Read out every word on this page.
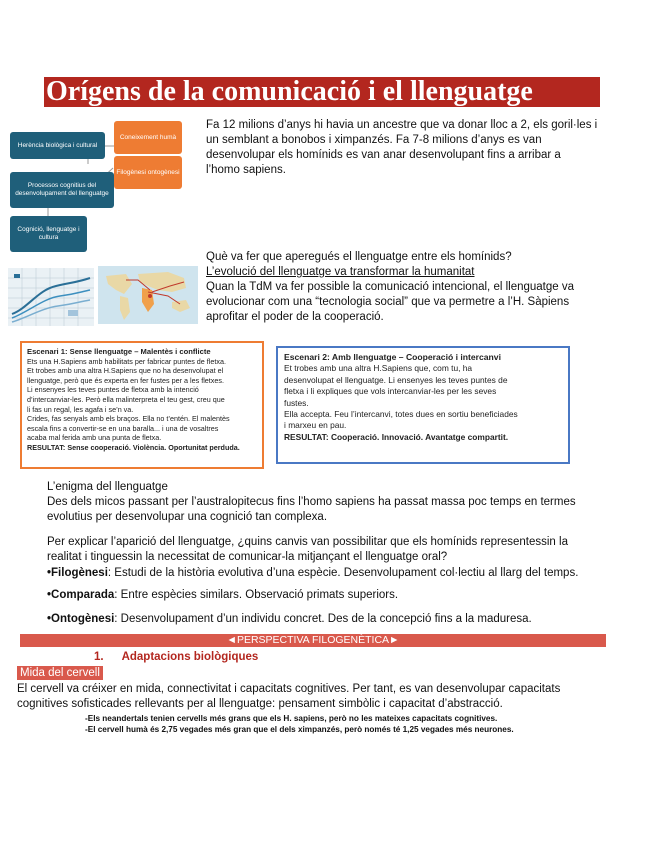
Orígens de la comunicació i el llenguatge
Herència biològica i cultural
Coneixement humà
Processos cognitius del desenvolupament del llenguatge
Filogènesi ontogènesi
Cognició, llenguatge i cultura
Fa 12 milions d’anys hi havia un ancestre que va donar lloc a 2, els goril·les i
un semblant a bonobos i ximpanzés. Fa 7-8 milions d’anys es van
desenvolupar els homínids es van anar desenvolupant fins a arribar a
l’homo sapiens.
Què va fer que aperegués el llenguatge entre els homínids?
L’evolució del llenguatge va transformar la humanitat
Quan la TdM va fer possible la comunicació intencional, el llenguatge va
evolucionar com una “tecnologia social” que va permetre a l’H. Sàpiens
aprofitar el poder de la cooperació.
Escenari 1: Sense llenguatge – Malentès i conflicte
Ets una H.Sapiens amb habilitats per fabricar puntes de fletxa.
Et trobes amb una altra H.Sapiens que no ha desenvolupat el
llenguatge, però que és experta en fer fustes per a les fletxes.
Li ensenyes les teves puntes de fletxa amb la intenció
d’intercanviar-les. Però ella malinterpreta el teu gest, creu que
li fas un regal, les agafa i se’n va.
Crides, fas senyals amb els braços. Ella no t’entén. El malentès
escala fins a convertir-se en una baralla... i una de vosaltres
acaba mal ferida amb una punta de fletxa.
RESULTAT: Sense cooperació. Violència. Oportunitat perduda.
Escenari 2: Amb llenguatge – Cooperació i intercanvi
Et trobes amb una altra H.Sapiens que, com tu, ha
desenvolupat el llenguatge. Li ensenyes les teves puntes de
fletxa i li expliques que vols intercanviar-les per les seves
fustes.
Ella accepta. Feu l’intercanvi, totes dues en sortiu beneficiades
i marxeu en pau.
RESULTAT: Cooperació. Innovació. Avantatge compartit.
L’enigma del llenguatge
Des dels micos passant per l’australopitecus fins l’homo sapiens ha passat massa poc temps en termes
evolutius per desenvolupar una cognició tan complexa.
Per explicar l’aparició del llenguatge, ¿quins canvis van possibilitar que els homínids representessin la
realitat i tinguessin la necessitat de comunicar-la mitjançant el llenguatge oral?
•Filogènesi: Estudi de la història evolutiva d’una espècie. Desenvolupament col·lectiu al llarg del temps.
•Comparada: Entre espècies similars. Observació primats superiors.
•Ontogènesi: Desenvolupament d’un individu concret. Des de la concepció fins a la maduresa.
◄PERSPECTIVA FILOGENÈTICA►
1. Adaptacions biològiques
Mida del cervell
El cervell va créixer en mida, connectivitat i capacitats cognitives. Per tant, es van desenvolupar capacitats
cognitives sofisticades rellevants per al llenguatge: pensament simbòlic i capacitat d’abstracció.
-Els neandertals tenien cervells més grans que els H. sapiens, però no les mateixes capacitats cognitives.
-El cervell humà és 2,75 vegades més gran que el dels ximpanzés, però només té 1,25 vegades més neurones.
